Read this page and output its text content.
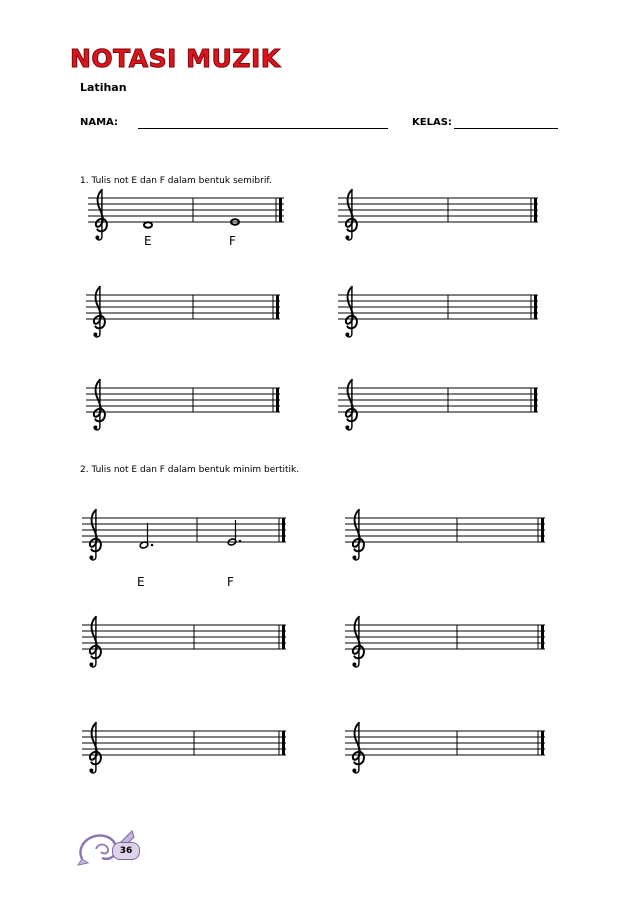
NOTASI MUZIK
Latihan
NAMA:	KELAS:
1. Tulis not E dan F dalam bentuk semibrif.
E	F
2. Tulis not E dan F dalam bentuk minim bertitik.
E	F
36
